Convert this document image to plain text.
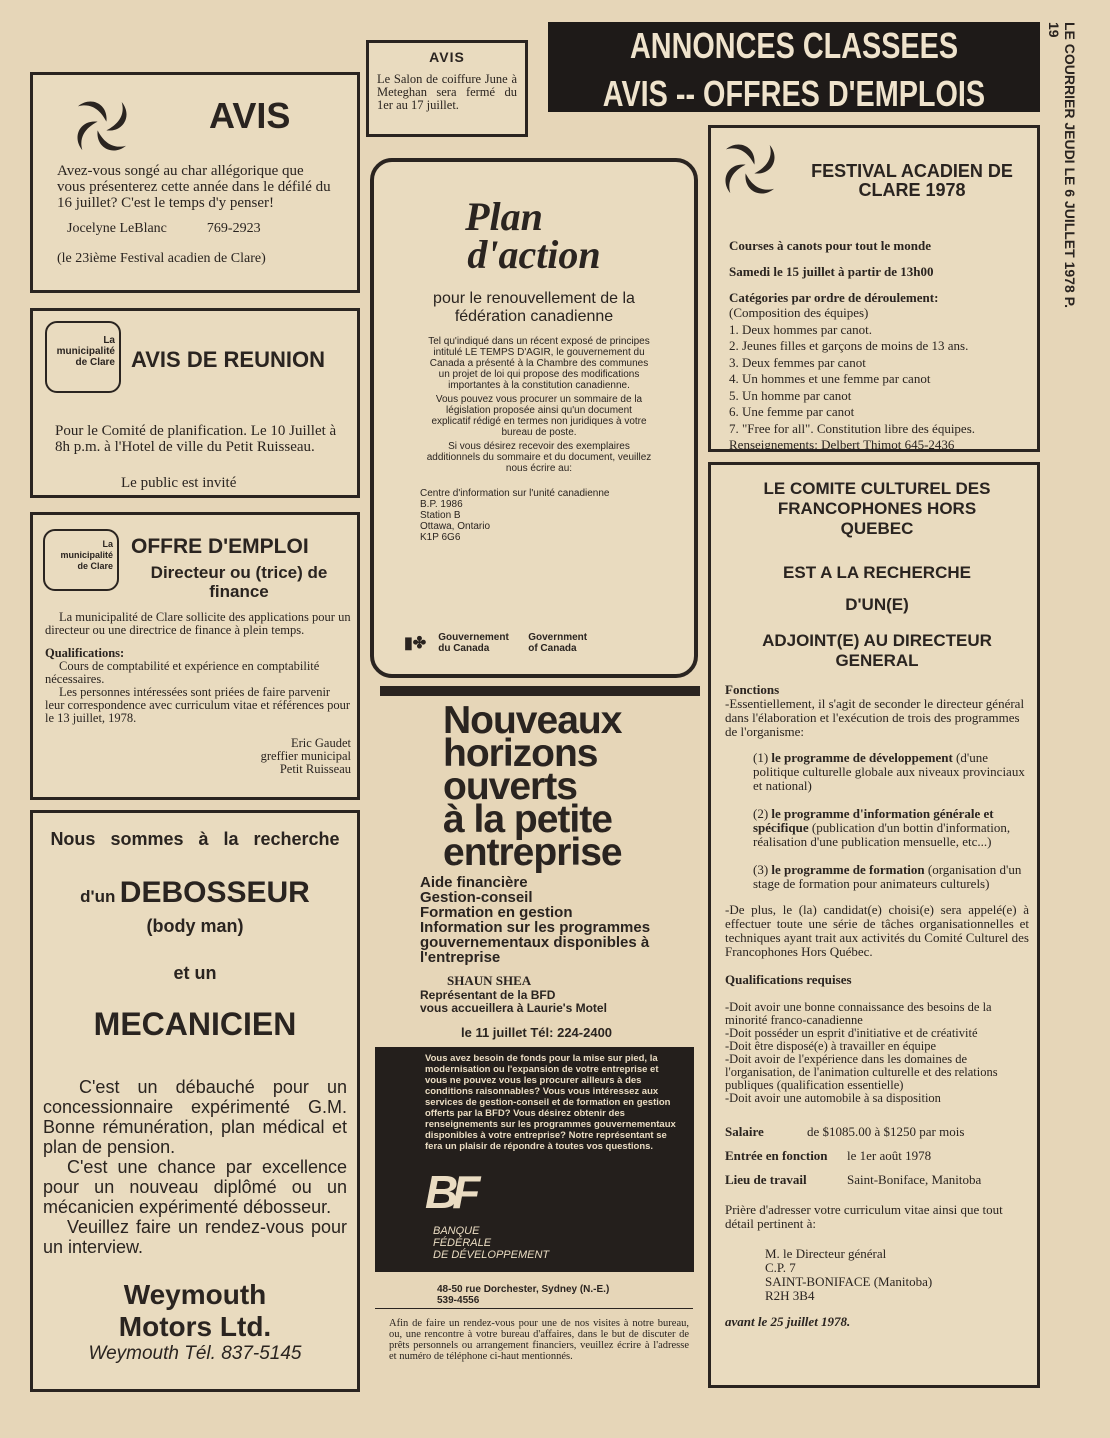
ANNONCES CLASSEES
AVIS -- OFFRES D'EMPLOIS	LE COURRIER JEUDI LE 6 JUILLET 1978 P. 19
AVIS

Avez-vous songé au char allégorique que vous présenterez cette année dans le défilé du 16 juillet? C'est le temps d'y penser!

Jocelyne LeBlanc	769-2923

(le 23ième Festival acadien de Clare)

La municipalité de Clare AVIS DE REUNION

Pour le Comité de planification. Le 10 Juillet à 8h p.m. à l'Hotel de ville du Petit Ruisseau.

Le public est invité

La municipalité de Clare
OFFRE D'EMPLOI
Directeur ou (trice) de finance

La municipalité de Clare sollicite des applications pour un directeur ou une directrice de finance à plein temps.

Qualifications:

Cours de comptabilité et expérience en comptabilité nécessaires.

Les personnes intéressées sont priées de faire parvenir leur correspondence avec curriculum vitae et références pour le 13 juillet, 1978.

Eric Gaudet

greffier municipal

Petit Ruisseau

Nous sommes à la recherche

d'un DEBOSSEUR

(body man)

et un

MECANICIEN

C'est un débauché pour un concessionnaire expérimenté G.M. Bonne rémunération, plan médical et plan de pension.

C'est une chance par excellence pour un nouveau diplômé ou un mécanicien expérimenté débosseur.

Veuillez faire un rendez-vous pour un interview.

Weymouth

Motors Ltd.

Weymouth Tél. 837-5145

AVIS

Le Salon de coiffure June à Meteghan sera fermé du 1er au 17 juillet.

Plan

d'action

pour le renouvellement de la fédération canadienne

Tel qu'indiqué dans un récent exposé de principes intitulé LE TEMPS D'AGIR, le gouvernement du Canada a présenté à la Chambre des communes un projet de loi qui propose des modifications importantes à la constitution canadienne.

Vous pouvez vous procurer un sommaire de la législation proposée ainsi qu'un document explicatif rédigé en termes non juridiques à votre bureau de poste.

Si vous désirez recevoir des exemplaires additionnels du sommaire et du document, veuillez nous écrire au:

Centre d'information sur l'unité canadienne

B.P. 1986

Station B

Ottawa, Ontario

K1P 6G6

▮✤ Gouvernement du Canada
Government of Canada

Nouveaux

horizons

ouverts

à la petite

entreprise

Aide financière

Gestion-conseil

Formation en gestion

Information sur les programmes gouvernementaux disponibles à l'entreprise

SHAUN SHEA

Représentant de la BFD

vous accueillera à Laurie's Motel

le 11 juillet Tél: 224-2400

Vous avez besoin de fonds pour la mise sur pied, la modernisation ou l'expansion de votre entreprise et vous ne pouvez vous les procurer ailleurs à des conditions raisonnables? Vous vous intéressez aux services de gestion-conseil et de formation en gestion offerts par la BFD? Vous désirez obtenir des renseignements sur les programmes gouvernementaux disponibles à votre entreprise? Notre représentant se fera un plaisir de répondre à toutes vos questions.

BF

BANQUE

FÉDÉRALE

DE DÉVELOPPEMENT

48-50 rue Dorchester, Sydney (N.-E.)

539-4556

Afin de faire un rendez-vous pour une de nos visites à notre bureau, ou, une rencontre à votre bureau d'affaires, dans le but de discuter de prêts personnels ou arrangement financiers, veuillez écrire à l'adresse et numéro de téléphone ci-haut mentionnés.

FESTIVAL ACADIEN DE CLARE 1978

Courses à canots pour tout le monde

Samedi le 15 juillet à partir de 13h00

Catégories par ordre de déroulement:

(Composition des équipes)

1. Deux hommes par canot.

2. Jeunes filles et garçons de moins de 13 ans.

3. Deux femmes par canot

4. Un hommes et une femme par canot

5. Un homme par canot

6. Une femme par canot

7. "Free for all". Constitution libre des équipes.

Renseignements: Delbert Thimot 645-2436

LE COMITE CULTUREL DES FRANCOPHONES HORS QUEBEC

EST A LA RECHERCHE

D'UN(E)

ADJOINT(E) AU DIRECTEUR GENERAL

Fonctions

-Essentiellement, il s'agit de seconder le directeur général dans l'élaboration et l'exécution de trois des programmes de l'organisme:

(1) le programme de développement (d'une politique culturelle globale aux niveaux provinciaux et national)

(2) le programme d'information générale et spécifique (publication d'un bottin d'information, réalisation d'une publication mensuelle, etc...)

(3) le programme de formation (organisation d'un stage de formation pour animateurs culturels)

-De plus, le (la) candidat(e) choisi(e) sera appelé(e) à effectuer toute une série de tâches organisationnelles et techniques ayant trait aux activités du Comité Culturel des Francophones Hors Québec.

Qualifications requises

-Doit avoir une bonne connaissance des besoins de la minorité franco-canadienne

-Doit posséder un esprit d'initiative et de créativité

-Doit être disposé(e) à travailler en équipe

-Doit avoir de l'expérience dans les domaines de l'organisation, de l'animation culturelle et des relations publiques (qualification essentielle)

-Doit avoir une automobile à sa disposition

Salaire	de $1085.00 à $1250 par mois
Entrée en fonction	le 1er août 1978
Lieu de travail	Saint-Boniface, Manitoba

Prière d'adresser votre curriculum vitae ainsi que tout détail pertinent à:

M. le Directeur général

C.P. 7

SAINT-BONIFACE (Manitoba)

R2H 3B4

avant le 25 juillet 1978.
